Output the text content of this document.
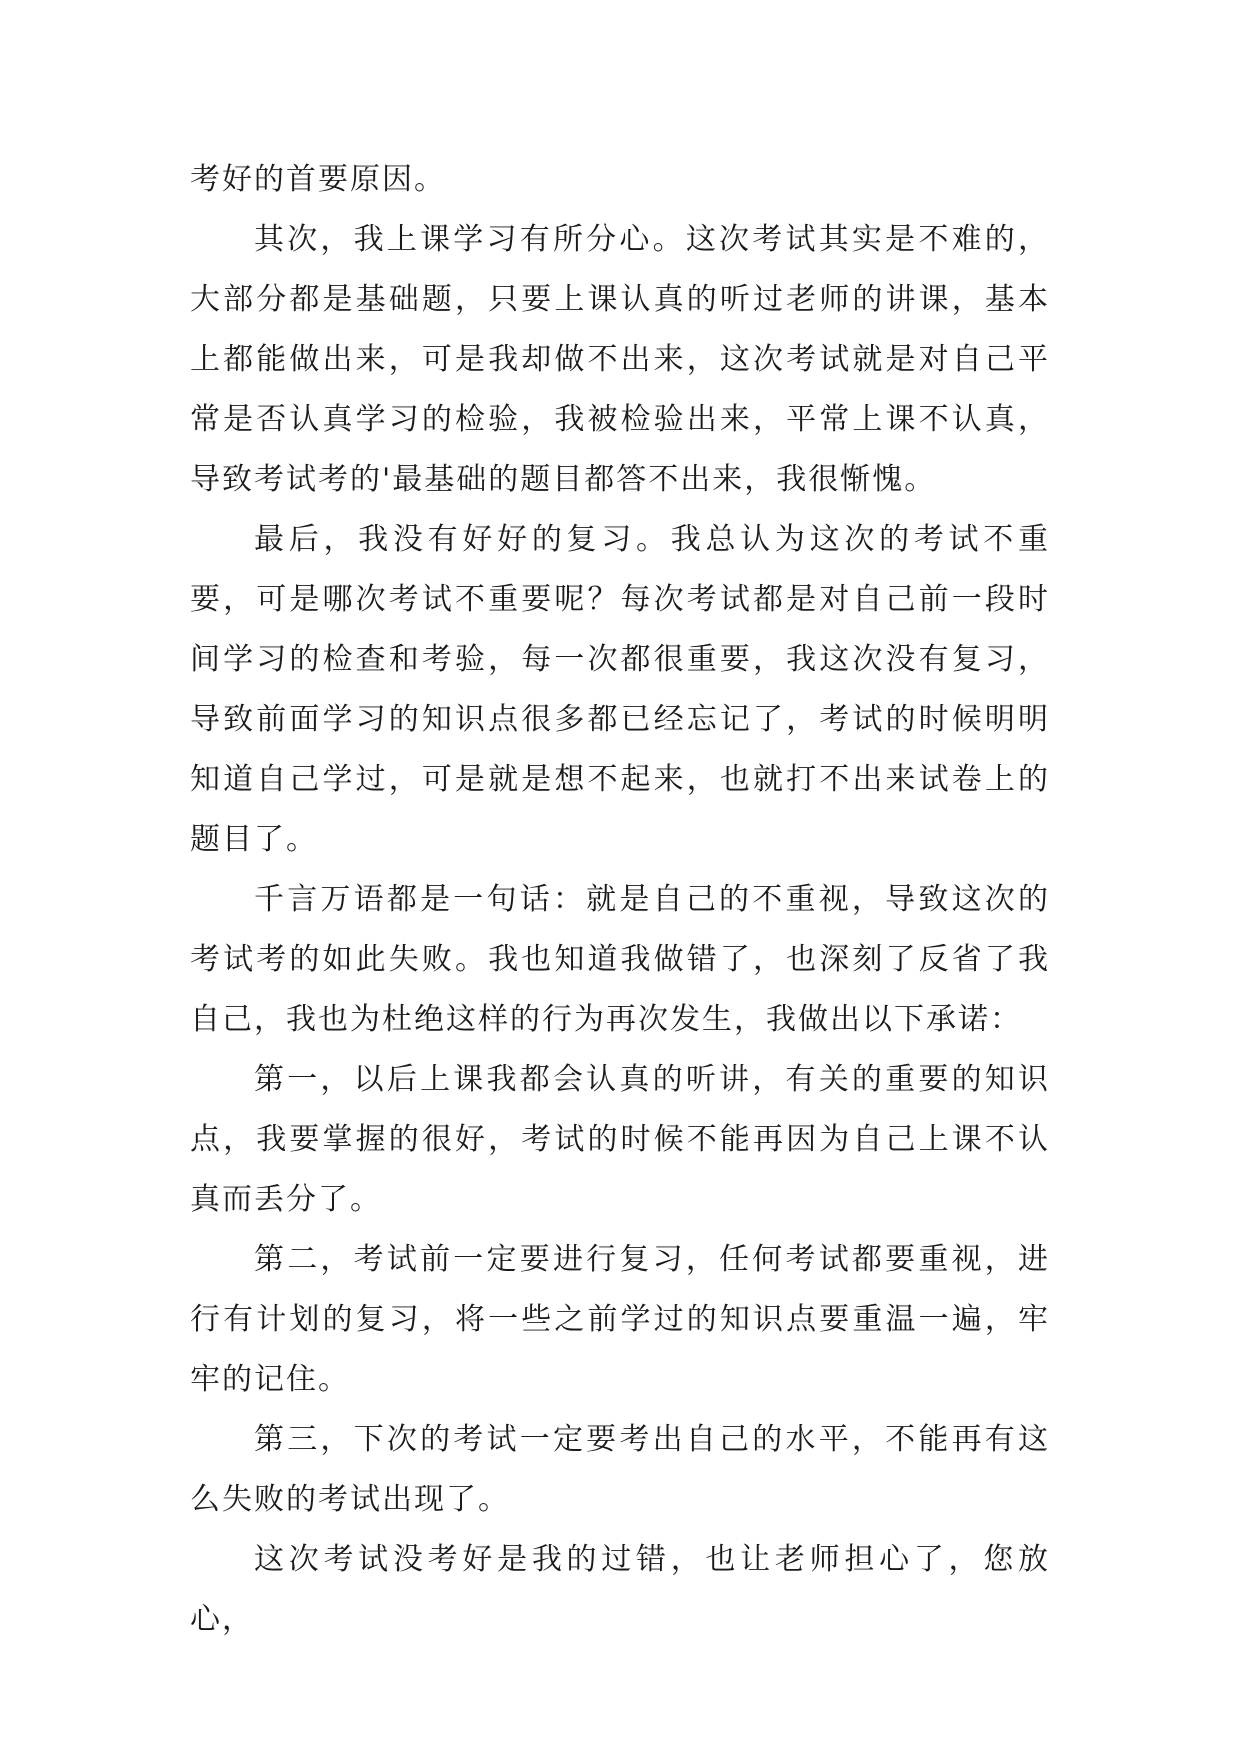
考好的首要原因。

其次，我上课学习有所分心。这次考试其实是不难的，大部分都是基础题，只要上课认真的听过老师的讲课，基本上都能做出来，可是我却做不出来，这次考试就是对自己平常是否认真学习的检验，我被检验出来，平常上课不认真，导致考试考的'最基础的题目都答不出来，我很惭愧。

最后，我没有好好的复习。我总认为这次的考试不重要，可是哪次考试不重要呢？每次考试都是对自己前一段时间学习的检查和考验，每一次都很重要，我这次没有复习，导致前面学习的知识点很多都已经忘记了，考试的时候明明知道自己学过，可是就是想不起来，也就打不出来试卷上的题目了。

千言万语都是一句话：就是自己的不重视，导致这次的考试考的如此失败。我也知道我做错了，也深刻了反省了我自己，我也为杜绝这样的行为再次发生，我做出以下承诺：

第一，以后上课我都会认真的听讲，有关的重要的知识点，我要掌握的很好，考试的时候不能再因为自己上课不认真而丢分了。

第二，考试前一定要进行复习，任何考试都要重视，进行有计划的复习，将一些之前学过的知识点要重温一遍，牢牢的记住。

第三，下次的考试一定要考出自己的水平，不能再有这么失败的考试出现了。

这次考试没考好是我的过错，也让老师担心了，您放心，
